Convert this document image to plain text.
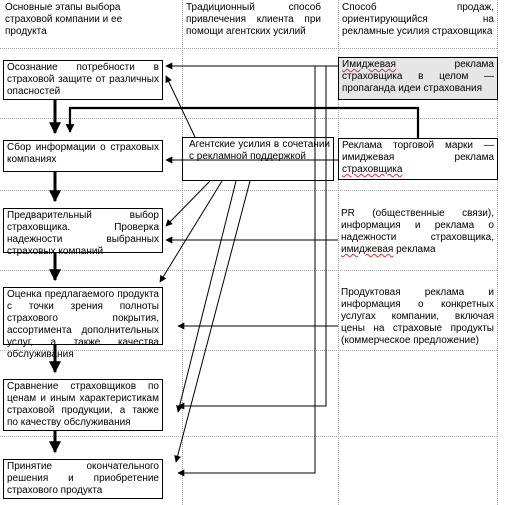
Основные этапы выбора страховой компании и ее продукта
Традиционный способ привлечения клиента при помощи агентских усилий
Способ продаж, ориентирующийся на рекламные усилия страховщика
Осознание потребности в страховой защите от различных опасностей
Сбор информации о страховых компаниях
Предварительный выбор страховщика. Проверка надежности выбранных страховых компаний
Оценка предлагаемого продукта с точки зрения полноты страхового покрытия, ассортимента дополнительных услуг, а также качества обслуживания
Сравнение страховщиков по ценам и иным характеристикам страховой продукции, а также по качеству обслуживания
Принятие окончательного решения и приобретение страхового продукта
Агентские усилия в сочетании с рекламной поддержкой
Имиджевая реклама страховщика в целом — пропаганда идеи страхования
Реклама торговой марки — имиджевая реклама страховщика
PR (общественные связи), информация и реклама о надежности страховщика, имиджевая реклама
Продуктовая реклама и информация о конкретных услугах компании, включая цены на страховые продукты (коммерческое предложение)
